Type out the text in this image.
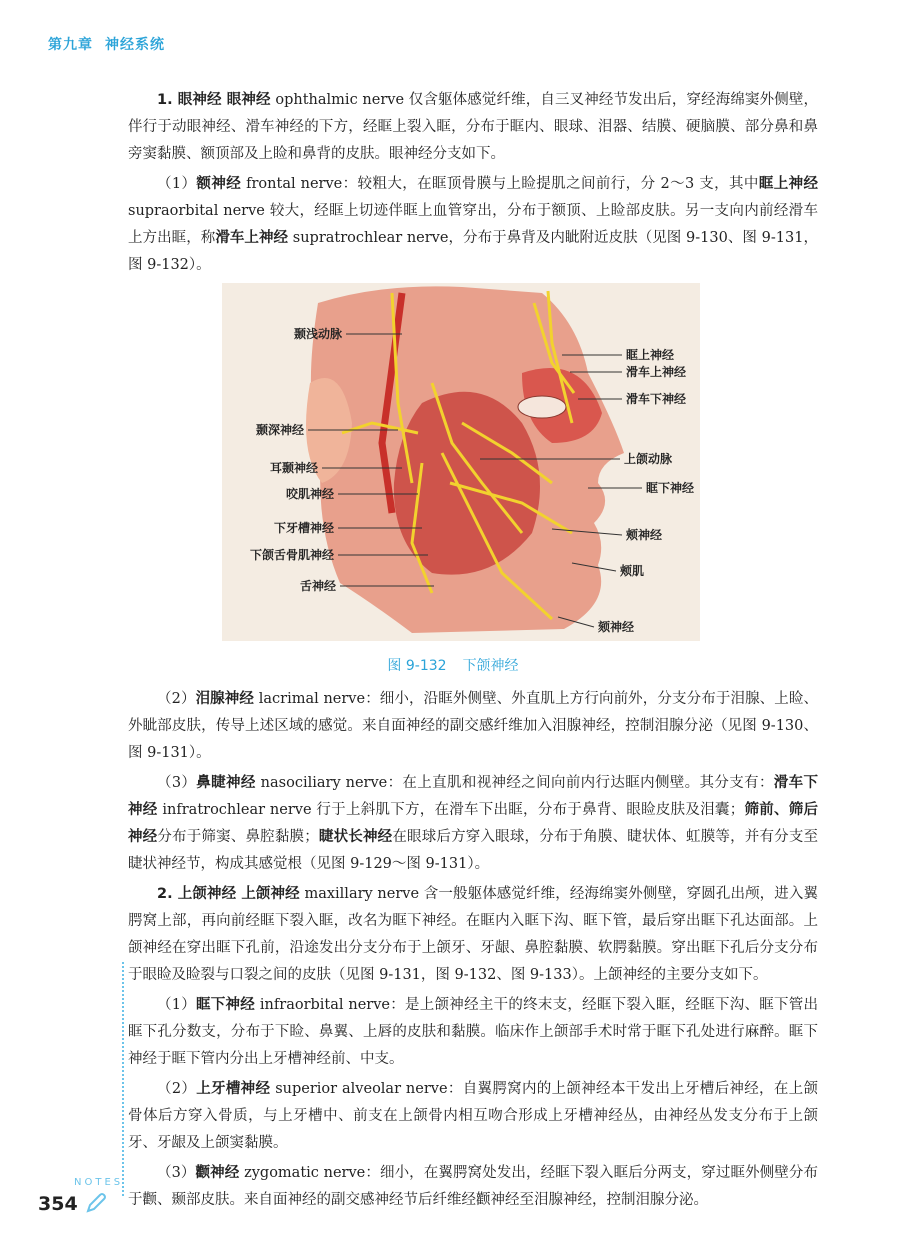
第九章 神经系统

1. 眼神经 眼神经 ophthalmic nerve 仅含躯体感觉纤维，自三叉神经节发出后，穿经海绵窦外侧壁，伴行于动眼神经、滑车神经的下方，经眶上裂入眶，分布于眶内、眼球、泪器、结膜、硬脑膜、部分鼻和鼻旁窦黏膜、额顶部及上睑和鼻背的皮肤。眼神经分支如下。

（1）额神经 frontal nerve：较粗大，在眶顶骨膜与上睑提肌之间前行，分 2～3 支，其中眶上神经 supraorbital nerve 较大，经眶上切迹伴眶上血管穿出，分布于额顶、上睑部皮肤。另一支向内前经滑车上方出眶，称滑车上神经 supratrochlear nerve，分布于鼻背及内眦附近皮肤（见图 9-130、图 9-131，图 9-132）。

颞浅动脉
颞深神经
耳颞神经
咬肌神经
下牙槽神经
下颌舌骨肌神经
舌神经
眶上神经
滑车上神经
滑车下神经
上颌动脉
眶下神经
颊神经
颊肌
颏神经
图 9-132 下颌神经

（2）泪腺神经 lacrimal nerve：细小，沿眶外侧壁、外直肌上方行向前外，分支分布于泪腺、上睑、外眦部皮肤，传导上述区域的感觉。来自面神经的副交感纤维加入泪腺神经，控制泪腺分泌（见图 9-130、图 9-131）。

（3）鼻睫神经 nasociliary nerve：在上直肌和视神经之间向前内行达眶内侧壁。其分支有：滑车下神经 infratrochlear nerve 行于上斜肌下方，在滑车下出眶，分布于鼻背、眼睑皮肤及泪囊；筛前、筛后神经分布于筛窦、鼻腔黏膜；睫状长神经在眼球后方穿入眼球，分布于角膜、睫状体、虹膜等，并有分支至睫状神经节，构成其感觉根（见图 9-129～图 9-131）。

2. 上颌神经 上颌神经 maxillary nerve 含一般躯体感觉纤维，经海绵窦外侧壁，穿圆孔出颅，进入翼腭窝上部，再向前经眶下裂入眶，改名为眶下神经。在眶内入眶下沟、眶下管，最后穿出眶下孔达面部。上颌神经在穿出眶下孔前，沿途发出分支分布于上颌牙、牙龈、鼻腔黏膜、软腭黏膜。穿出眶下孔后分支分布于眼睑及睑裂与口裂之间的皮肤（见图 9-131，图 9-132、图 9-133）。上颌神经的主要分支如下。

（1）眶下神经 infraorbital nerve：是上颌神经主干的终末支，经眶下裂入眶，经眶下沟、眶下管出眶下孔分数支，分布于下睑、鼻翼、上唇的皮肤和黏膜。临床作上颌部手术时常于眶下孔处进行麻醉。眶下神经于眶下管内分出上牙槽神经前、中支。

（2）上牙槽神经 superior alveolar nerve：自翼腭窝内的上颌神经本干发出上牙槽后神经，在上颌骨体后方穿入骨质，与上牙槽中、前支在上颌骨内相互吻合形成上牙槽神经丛，由神经丛发支分布于上颌牙、牙龈及上颌窦黏膜。

（3）颧神经 zygomatic nerve：细小，在翼腭窝处发出，经眶下裂入眶后分两支，穿过眶外侧壁分布于颧、颞部皮肤。来自面神经的副交感神经节后纤维经颧神经至泪腺神经，控制泪腺分泌。

NOTES
354
